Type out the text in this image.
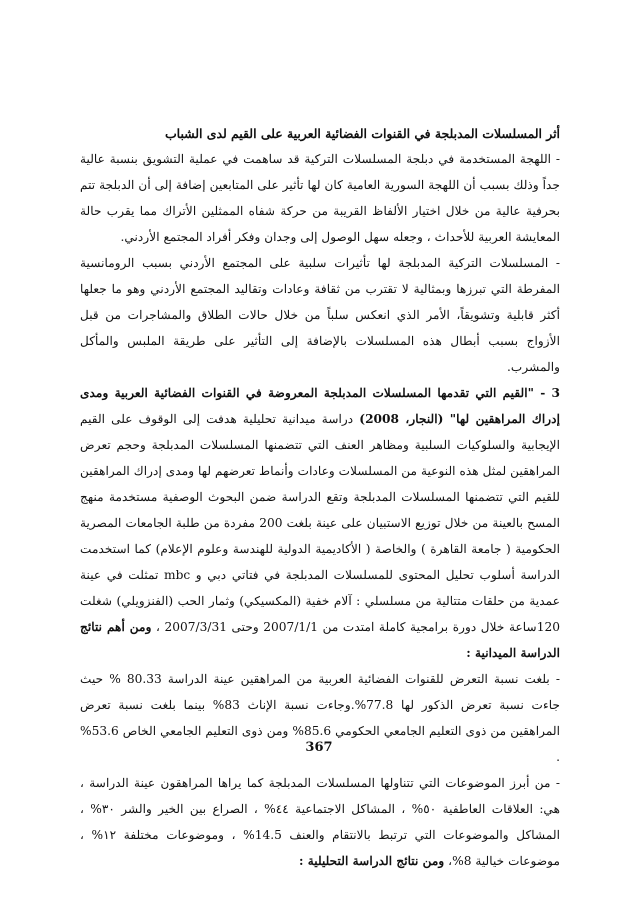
أثر المسلسلات المدبلجة في القنوات الفضائية العربية على القيم لدى الشباب

- اللهجة المستخدمة في دبلجة المسلسلات التركية قد ساهمت في عملية التشويق بنسبة عالية جداً وذلك بسبب أن اللهجة السورية العامية كان لها تأثير على المتابعين إضافة إلى أن الدبلجة تتم بحرفية عالية من خلال اختيار الألفاظ القريبة من حركة شفاه الممثلين الأتراك مما يقرب حالة المعايشة العربية للأحداث ، وجعله سهل الوصول إلى وجدان وفكر أفراد المجتمع الأردني.

- المسلسلات التركية المدبلجة لها تأثيرات سلبية على المجتمع الأردني بسبب الرومانسية المفرطة التي تبرزها وبمثالية لا تقترب من ثقافة وعادات وتقاليد المجتمع الأردني وهو ما جعلها أكثر قابلية وتشويقاً، الأمر الذي انعكس سلباً من خلال حالات الطلاق والمشاجرات من قبل الأزواج بسبب أبطال هذه المسلسلات بالإضافة إلى التأثير على طريقة الملبس والمأكل والمشرب.

3 - "القيم التي تقدمها المسلسلات المدبلجة المعروضة في القنوات الفضائية العربية ومدى إدراك المراهقين لها" (النجار، 2008) دراسة ميدانية تحليلية هدفت إلى الوقوف على القيم الإيجابية والسلوكيات السلبية ومظاهر العنف التي تتضمنها المسلسلات المدبلجة وحجم تعرض المراهقين لمثل هذه النوعية من المسلسلات وعادات وأنماط تعرضهم لها ومدى إدراك المراهقين للقيم التي تتضمنها المسلسلات المدبلجة وتقع الدراسة ضمن البحوث الوصفية مستخدمة منهج المسح بالعينة من خلال توزيع الاستبيان على عينة بلغت 200 مفردة من طلبة الجامعات المصرية الحكومية ( جامعة القاهرة ) والخاصة ( الأكاديمية الدولية للهندسة وعلوم الإعلام) كما استخدمت الدراسة أسلوب تحليل المحتوى للمسلسلات المدبلجة في فتاتي دبي و mbc تمثلت في عينة عمدية من حلقات متتالية من مسلسلي : آلام خفية (المكسيكي) وثمار الحب (الفنزويلي) شغلت 120ساعة خلال دورة برامجية كاملة امتدت من 2007/1/1 وحتى 2007/3/31 ، ومن أهم نتائج الدراسة الميدانية :

- بلغت نسبة التعرض للقنوات الفضائية العربية من المراهقين عينة الدراسة 80.33 % حيث جاءت نسبة تعرض الذكور لها 77.8%.وجاءت نسبة الإناث 83% بينما بلغت نسبة تعرض المراهقين من ذوى التعليم الجامعي الحكومي 85.6% ومن ذوى التعليم الجامعي الخاص 53.6% .

- من أبرز الموضوعات التي تتناولها المسلسلات المدبلجة كما يراها المراهقون عينة الدراسة ، هي: العلاقات العاطفية ٥٠% ، المشاكل الاجتماعية ٤٤% ، الصراع بين الخير والشر ٣٠% ، المشاكل والموضوعات التي ترتبط بالانتقام والعنف 14.5% ، وموضوعات مختلفة ١٢% ، موضوعات خيالية 8%، ومن نتائج الدراسة التحليلية :

367
